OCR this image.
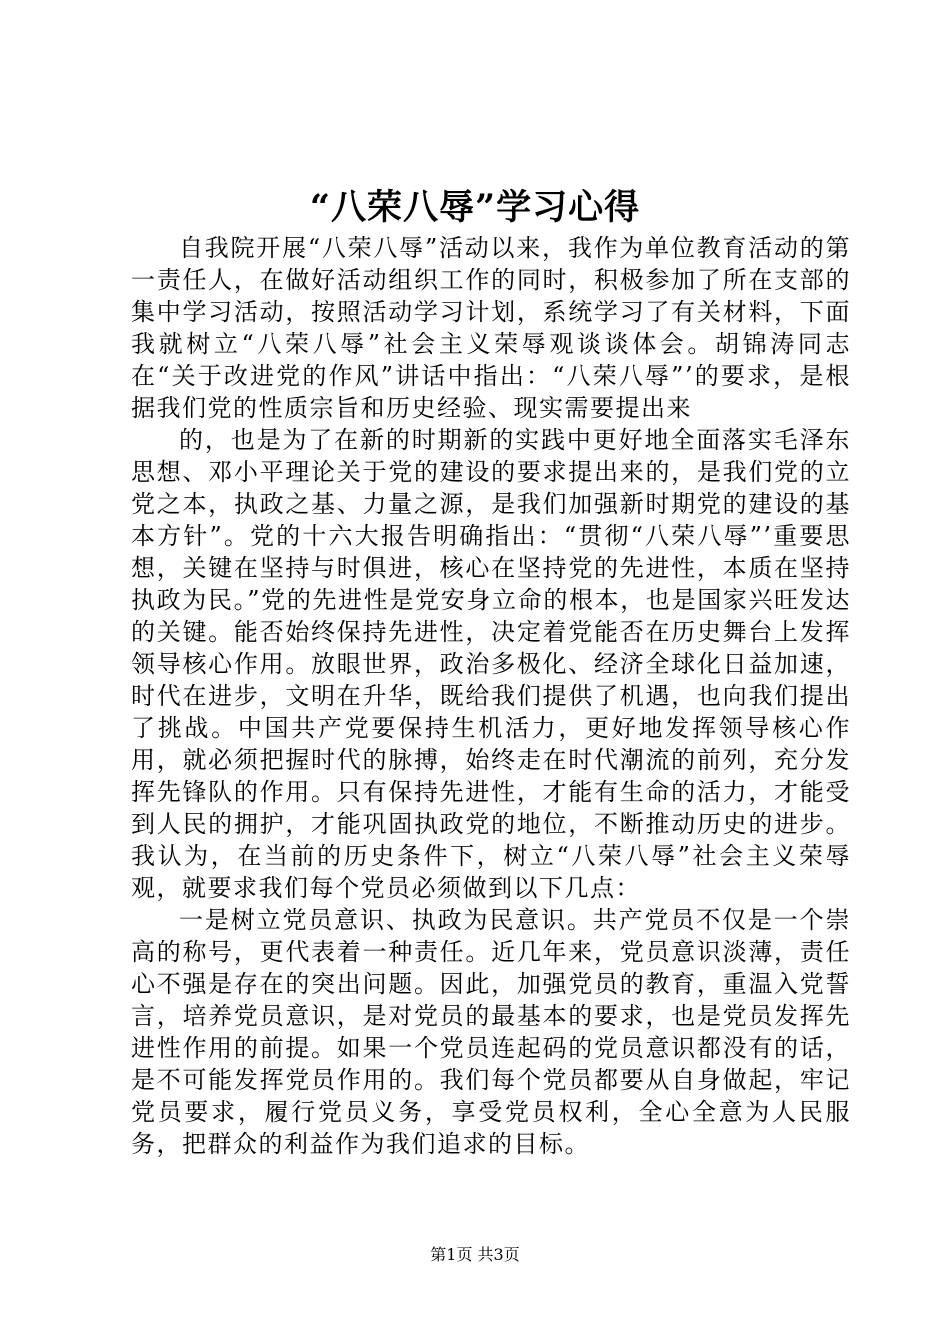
“八荣八辱”学习心得

自我院开展“八荣八辱”活动以来，我作为单位教育活动的第一责任人，在做好活动组织工作的同时，积极参加了所在支部的集中学习活动，按照活动学习计划，系统学习了有关材料，下面我就树立“八荣八辱”社会主义荣辱观谈谈体会。胡锦涛同志在“关于改进党的作风”讲话中指出：“八荣八辱”’的要求，是根据我们党的性质宗旨和历史经验、现实需要提出来

的，也是为了在新的时期新的实践中更好地全面落实毛泽东思想、邓小平理论关于党的建设的要求提出来的，是我们党的立党之本，执政之基、力量之源，是我们加强新时期党的建设的基本方针”。党的十六大报告明确指出：“贯彻“八荣八辱”’重要思想，关键在坚持与时俱进，核心在坚持党的先进性，本质在坚持执政为民。”党的先进性是党安身立命的根本，也是国家兴旺发达的关键。能否始终保持先进性，决定着党能否在历史舞台上发挥领导核心作用。放眼世界，政治多极化、经济全球化日益加速，时代在进步，文明在升华，既给我们提供了机遇，也向我们提出了挑战。中国共产党要保持生机活力，更好地发挥领导核心作用，就必须把握时代的脉搏，始终走在时代潮流的前列，充分发挥先锋队的作用。只有保持先进性，才能有生命的活力，才能受到人民的拥护，才能巩固执政党的地位，不断推动历史的进步。我认为，在当前的历史条件下，树立“八荣八辱”社会主义荣辱观，就要求我们每个党员必须做到以下几点：

一是树立党员意识、执政为民意识。共产党员不仅是一个崇高的称号，更代表着一种责任。近几年来，党员意识淡薄，责任心不强是存在的突出问题。因此，加强党员的教育，重温入党誓言，培养党员意识，是对党员的最基本的要求，也是党员发挥先进性作用的前提。如果一个党员连起码的党员意识都没有的话，是不可能发挥党员作用的。我们每个党员都要从自身做起，牢记党员要求，履行党员义务，享受党员权利，全心全意为人民服务，把群众的利益作为我们追求的目标。

第1页 共3页
